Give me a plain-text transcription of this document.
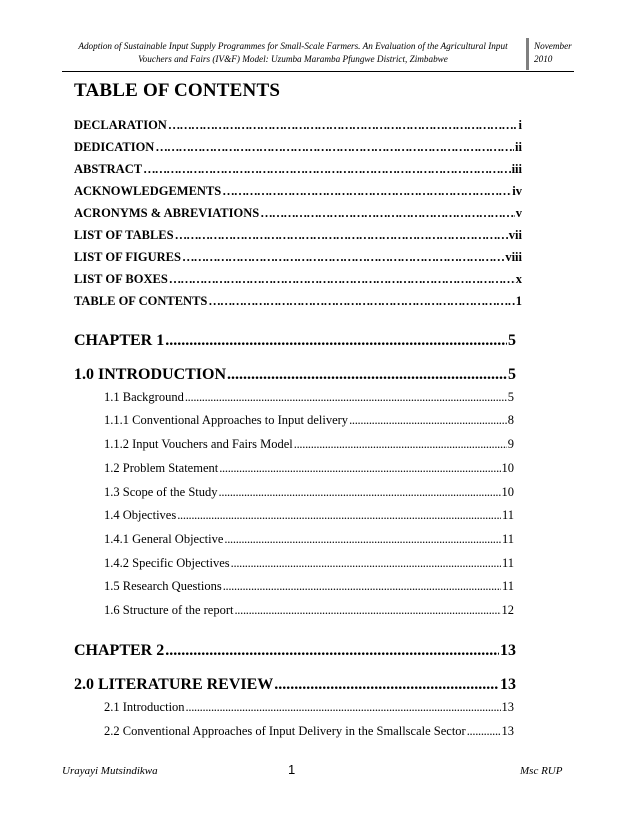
Adoption of Sustainable Input Supply Programmes for Small-Scale Farmers. An Evaluation of the Agricultural Input
Vouchers and Fairs (IV&F) Model: Uzumba Maramba Pfungwe District, Zimbabwe
November
2010
TABLE OF CONTENTS
DECLARATION …………………………………………………………………………………………………………………………………………	i
DEDICATION …………………………………………………………………………………………………………………………………………	ii
ABSTRACT …………………………………………………………………………………………………………………………………………	iii
ACKNOWLEDGEMENTS …………………………………………………………………………………………………………………………………………	iv
ACRONYMS & ABREVIATIONS …………………………………………………………………………………………………………………………………………	v
LIST OF TABLES …………………………………………………………………………………………………………………………………………	vii
LIST OF FIGURES …………………………………………………………………………………………………………………………………………	viii
LIST OF BOXES …………………………………………………………………………………………………………………………………………	x
TABLE OF CONTENTS …………………………………………………………………………………………………………………………………………	1
CHAPTER 1 .....	5
1.0 INTRODUCTION .....	5
1.1 Background .....	5
1.1.1 Conventional Approaches to Input delivery .....	8
1.1.2 Input Vouchers and Fairs Model .....	9
1.2 Problem Statement .....	10
1.3 Scope of the Study .....	10
1.4 Objectives .....	11
1.4.1 General Objective .....	11
1.4.2 Specific Objectives .....	11
1.5 Research Questions .....	11
1.6 Structure of the report .....	12
CHAPTER 2 .....	13
2.0 LITERATURE REVIEW .....	13
2.1 Introduction .....	13
2.2 Conventional Approaches of Input Delivery in the Smallscale Sector .....	13
Urayayi Mutsindikwa	1	Msc RUP
